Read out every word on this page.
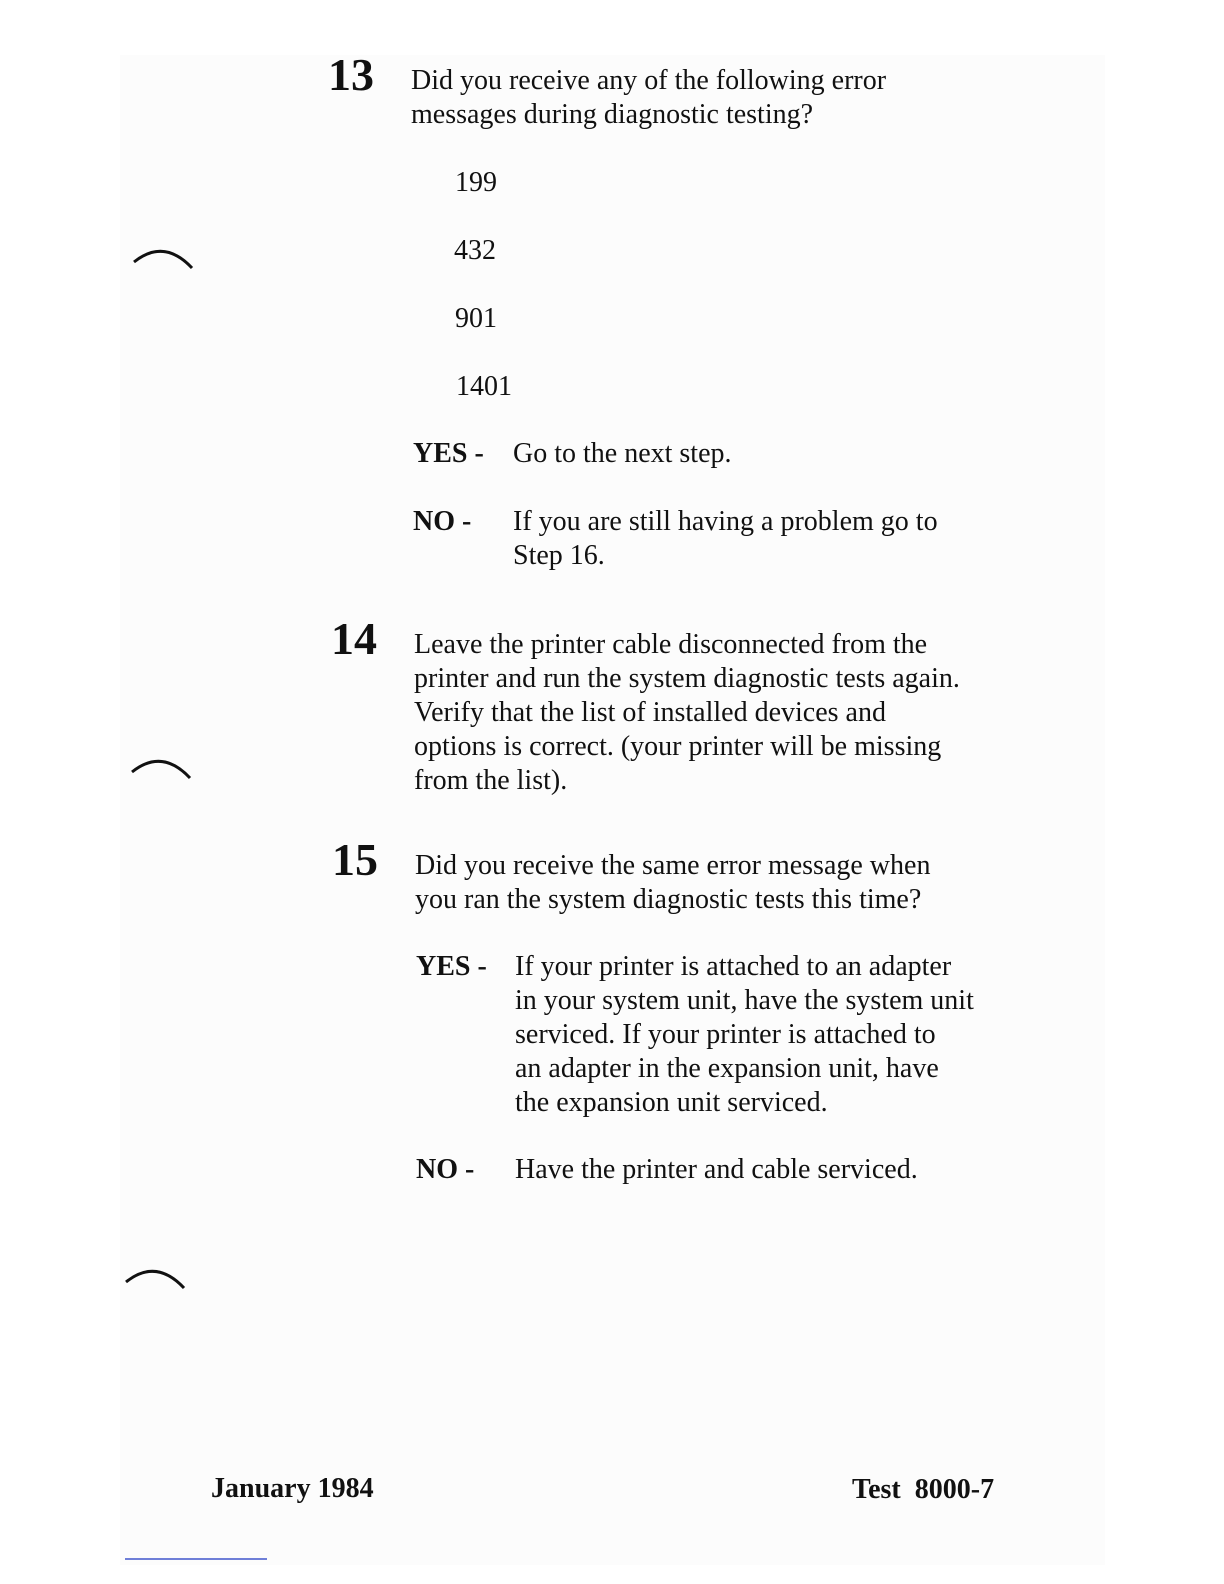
13 Did you receive any of the following error
messages during diagnostic testing?
199
432
901
1401
YES - Go to the next step.
NO - If you are still having a problem go to
Step 16.
14 Leave the printer cable disconnected from the
printer and run the system diagnostic tests again.
Verify that the list of installed devices and
options is correct. (your printer will be missing
from the list).
15 Did you receive the same error message when
you ran the system diagnostic tests this time?
YES - If your printer is attached to an adapter
in your system unit, have the system unit
serviced. If your printer is attached to
an adapter in the expansion unit, have
the expansion unit serviced.
NO - Have the printer and cable serviced.
January 1984	Test  8000-7
